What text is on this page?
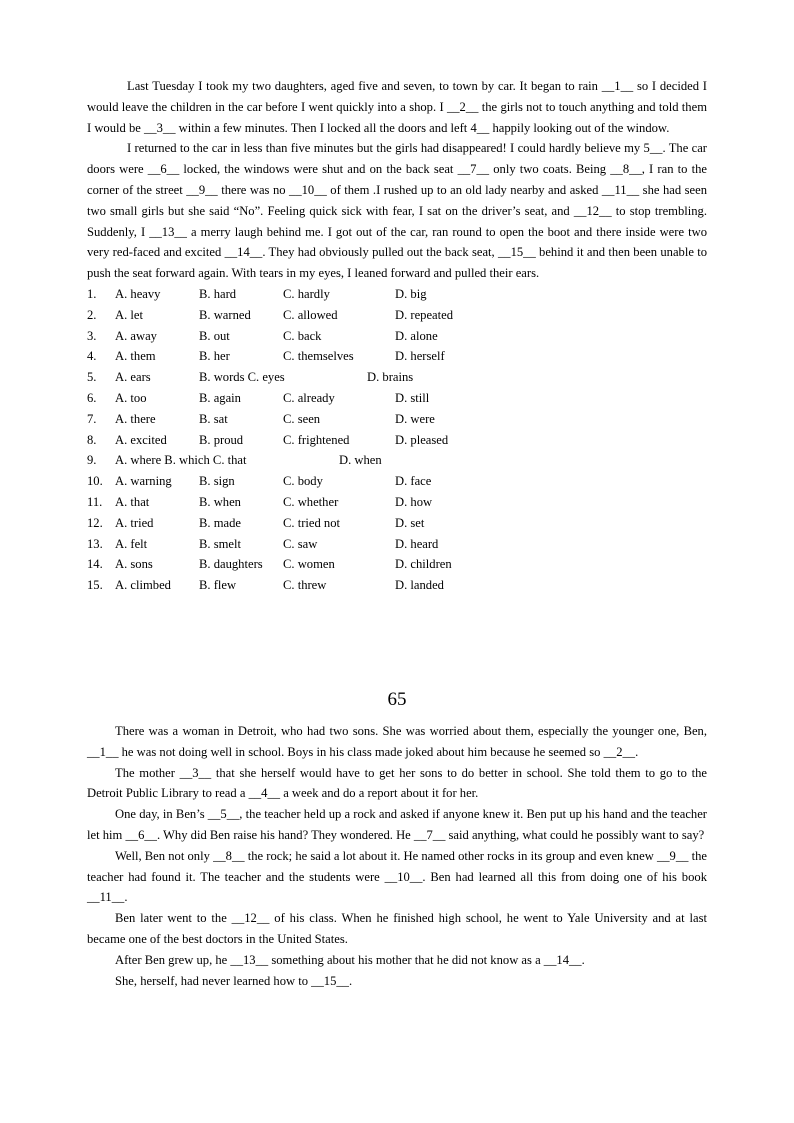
Last Tuesday I took my two daughters, aged five and seven, to town by car. It began to rain __1__ so I decided I would leave the children in the car before I went quickly into a shop. I __2__ the girls not to touch anything and told them I would be __3__ within a few minutes. Then I locked all the doors and left 4__ happily looking out of the window.

I returned to the car in less than five minutes but the girls had disappeared! I could hardly believe my 5__. The car doors were __6__ locked, the windows were shut and on the back seat __7__ only two coats. Being __8__, I ran to the corner of the street __9__ there was no __10__ of them .I rushed up to an old lady nearby and asked __11__ she had seen two small girls but she said “No”. Feeling quick sick with fear, I sat on the driver’s seat, and __12__ to stop trembling. Suddenly, I __13__ a merry laugh behind me. I got out of the car, ran round to open the boot and there inside were two very red-faced and excited __14__. They had obviously pulled out the back seat, __15__ behind it and then been unable to push the seat forward again. With tears in my eyes, I leaned forward and pulled their ears.

1. A. heavy	B. hard	C. hardly	D. big
2. A. let	B. warned	C. allowed	D. repeated
3. A. away	B. out	C. back	D. alone
4. A. them	B. her	C. themselves	D. herself
5. A. ears	B. words C. eyes	D. brains
6. A. too	B. again	C. already	D. still
7. A. there	B. sat	C. seen	D. were
8. A. excited	B. proud	C. frightened	D. pleased
9. A. where B. which C. that	D. when
10. A. warning B. sign	C. body	D. face
11. A. that	B. when	C. whether	D. how
12. A. tried	B. made	C. tried not	D. set
13. A. felt	B. smelt	C. saw	D. heard
14. A. sons	B. daughters C. women	D. children
15. A. climbed B. flew	C. threw	D. landed
65

There was a woman in Detroit, who had two sons. She was worried about them, especially the younger one, Ben, __1__ he was not doing well in school. Boys in his class made joked about him because he seemed so __2__.

The mother __3__ that she herself would have to get her sons to do better in school. She told them to go to the Detroit Public Library to read a __4__ a week and do a report about it for her.

One day, in Ben’s __5__, the teacher held up a rock and asked if anyone knew it. Ben put up his hand and the teacher let him __6__. Why did Ben raise his hand? They wondered. He __7__ said anything, what could he possibly want to say?

Well, Ben not only __8__ the rock; he said a lot about it. He named other rocks in its group and even knew __9__ the teacher had found it. The teacher and the students were __10__. Ben had learned all this from doing one of his book __11__.

Ben later went to the __12__ of his class. When he finished high school, he went to Yale University and at last became one of the best doctors in the United States.

After Ben grew up, he __13__ something about his mother that he did not know as a __14__.

She, herself, had never learned how to __15__.
